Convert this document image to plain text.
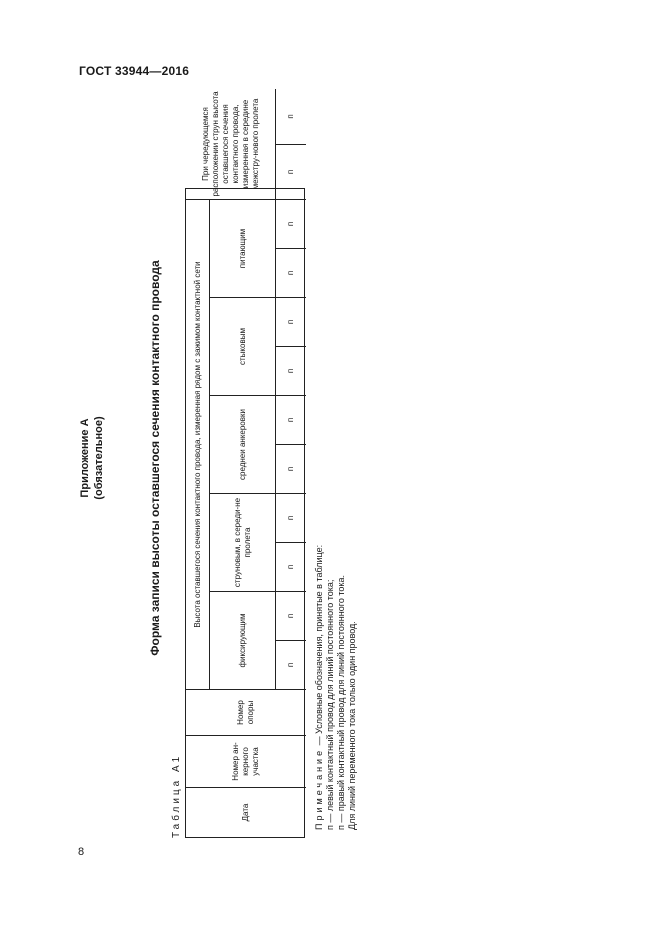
ГОСТ 33944—2016
Приложение А (обязательное)	Форма записи высоты оставшегося сечения контактного провода
Таблица А1	Дата
Номер ан-керного участка
Номер опоры
Высота оставшегося сечения контактного провода, измеренная рядом с зажимом контактной сети
фиксирующим
струновым, в середи-не пролета
среднеи анкеровки
стыковым
питающим
При чередующемся расположении струн высота оставшегося сечения контактного провода, измеренная в середине межстру-нового пролета
п
п
п
п
п
п
п
п
п
п
п
п
Примечание — Условные обозначения, принятые в таблице: п — левый контактный провод для линий постоянного тока; п — правый контактный провод для линий постоянного тока. Для линий переменного тока только один провод.
8
